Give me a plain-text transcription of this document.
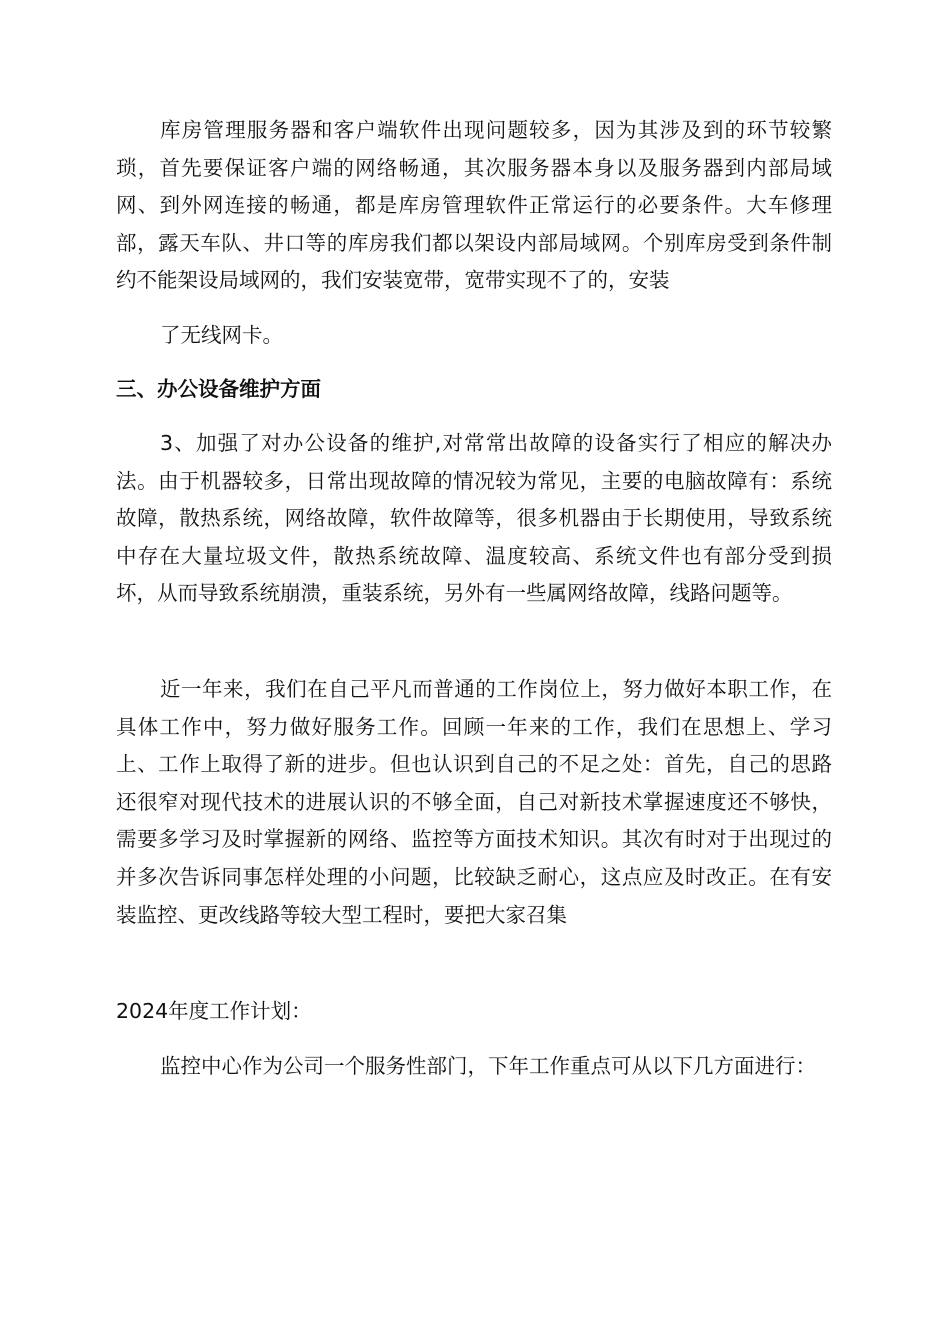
库房管理服务器和客户端软件出现问题较多，因为其涉及到的环节较繁琐，首先要保证客户端的网络畅通，其次服务器本身以及服务器到内部局域网、到外网连接的畅通，都是库房管理软件正常运行的必要条件。大车修理部，露天车队、井口等的库房我们都以架设内部局域网。个别库房受到条件制约不能架设局域网的，我们安装宽带，宽带实现不了的，安装

了无线网卡。

三、办公设备维护方面

3、加强了对办公设备的维护,对常常出故障的设备实行了相应的解决办法。由于机器较多，日常出现故障的情况较为常见，主要的电脑故障有：系统故障，散热系统，网络故障，软件故障等，很多机器由于长期使用，导致系统中存在大量垃圾文件，散热系统故障、温度较高、系统文件也有部分受到损坏，从而导致系统崩溃，重装系统，另外有一些属网络故障，线路问题等。

近一年来，我们在自己平凡而普通的工作岗位上，努力做好本职工作，在具体工作中，努力做好服务工作。回顾一年来的工作，我们在思想上、学习上、工作上取得了新的进步。但也认识到自己的不足之处：首先，自己的思路还很窄对现代技术的进展认识的不够全面，自己对新技术掌握速度还不够快，需要多学习及时掌握新的网络、监控等方面技术知识。其次有时对于出现过的并多次告诉同事怎样处理的小问题，比较缺乏耐心，这点应及时改正。在有安装监控、更改线路等较大型工程时，要把大家召集

2024年度工作计划：

监控中心作为公司一个服务性部门，下年工作重点可从以下几方面进行：
